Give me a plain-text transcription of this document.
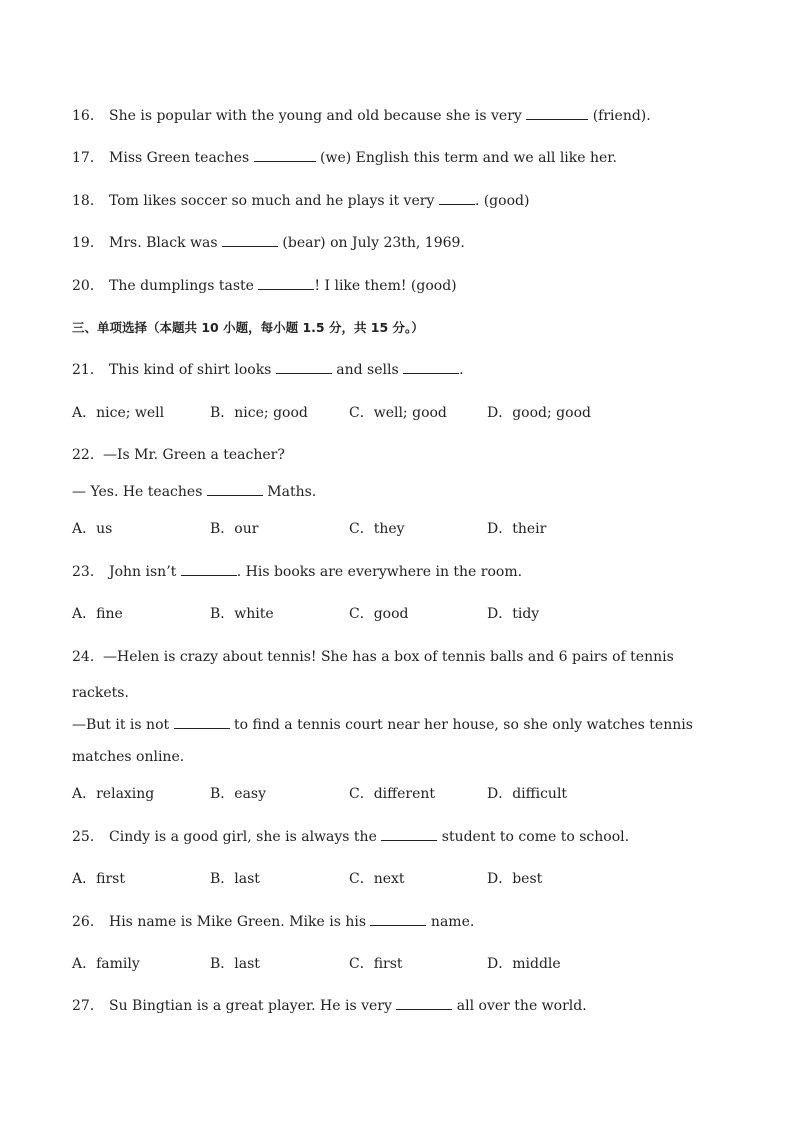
16． She is popular with the young and old because she is very	(friend).
17． Miss Green teaches	(we) English this term and we all like her.
18． Tom likes soccer so much and he plays it very	. (good)
19． Mrs. Black was	(bear) on July 23th, 1969.
20． The dumplings taste	! I like them! (good)
三、单项选择（本题共 10 小题，每小题 1.5 分，共 15 分。）
21． This kind of shirt looks	and sells	.
A．nice; well	B．nice; good	C．well; good	D．good; good
22．—Is Mr. Green a teacher?
— Yes. He teaches	Maths.
A．us	B．our	C．they	D．their
23． John isn’t	. His books are everywhere in the room.
A．fine	B．white	C．good	D．tidy
24．—Helen is crazy about tennis! She has a box of tennis balls and 6 pairs of tennis
rackets.
—But it is not	to find a tennis court near her house, so she only watches tennis
matches online.
A．relaxing	B．easy	C．different	D．difficult
25． Cindy is a good girl, she is always the	student to come to school.
A．first	B．last	C．next	D．best
26． His name is Mike Green. Mike is his	name.
A．family	B．last	C．first	D．middle
27． Su Bingtian is a great player. He is very	all over the world.
